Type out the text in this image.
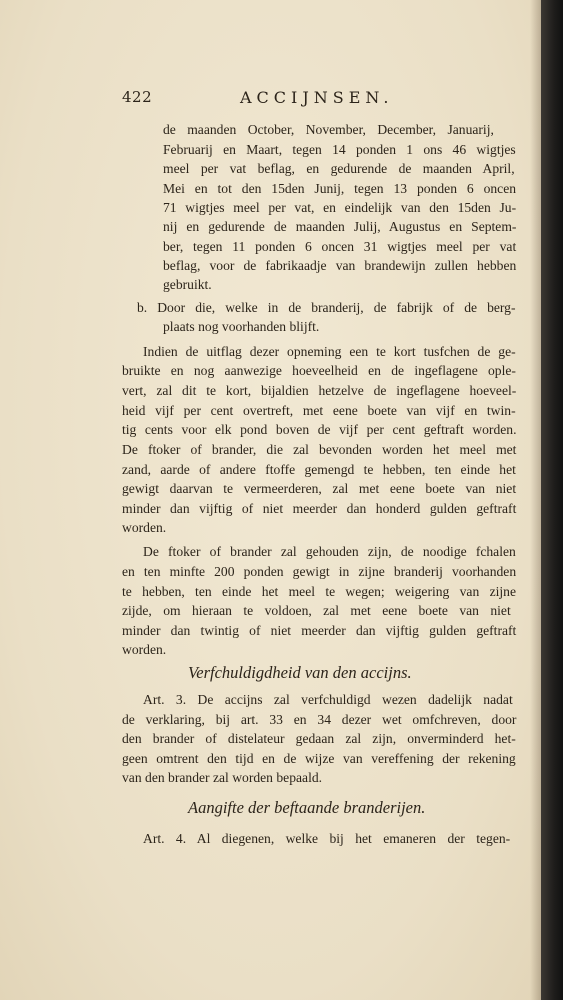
422	ACCIJNSEN.
de maanden October, November, December, Januarij,
Februarij en Maart, tegen 14 ponden 1 ons 46 wigtjes
meel per vat beflag, en gedurende de maanden April,
Mei en tot den 15den Junij, tegen 13 ponden 6 oncen
71 wigtjes meel per vat, en eindelijk van den 15den Ju-
nij en gedurende de maanden Julij, Augustus en Septem-
ber, tegen 11 ponden 6 oncen 31 wigtjes meel per vat
beflag, voor de fabrikaadje van brandewijn zullen hebben
gebruikt.
b. Door die, welke in de branderij, de fabrijk of de berg-
plaats nog voorhanden blijft.
Indien de uitflag dezer opneming een te kort tusfchen de ge-
bruikte en nog aanwezige hoeveelheid en de ingeflagene ople-
vert, zal dit te kort, bijaldien hetzelve de ingeflagene hoeveel-
heid vijf per cent overtreft, met eene boete van vijf en twin-
tig cents voor elk pond boven de vijf per cent geftraft worden.
De ftoker of brander, die zal bevonden worden het meel met
zand, aarde of andere ftoffe gemengd te hebben, ten einde het
gewigt daarvan te vermeerderen, zal met eene boete van niet
minder dan vijftig of niet meerder dan honderd gulden geftraft
worden.
De ftoker of brander zal gehouden zijn, de noodige fchalen
en ten minfte 200 ponden gewigt in zijne branderij voorhanden
te hebben, ten einde het meel te wegen; weigering van zijne
zijde, om hieraan te voldoen, zal met eene boete van niet
minder dan twintig of niet meerder dan vijftig gulden geftraft
worden.
Verfchuldigdheid van den accijns.
Art. 3. De accijns zal verfchuldigd wezen dadelijk nadat
de verklaring, bij art. 33 en 34 dezer wet omfchreven, door
den brander of distelateur gedaan zal zijn, onverminderd het-
geen omtrent den tijd en de wijze van vereffening der rekening
van den brander zal worden bepaald.
Aangifte der beftaande branderijen.
Art. 4. Al diegenen, welke bij het emaneren der tegen-
